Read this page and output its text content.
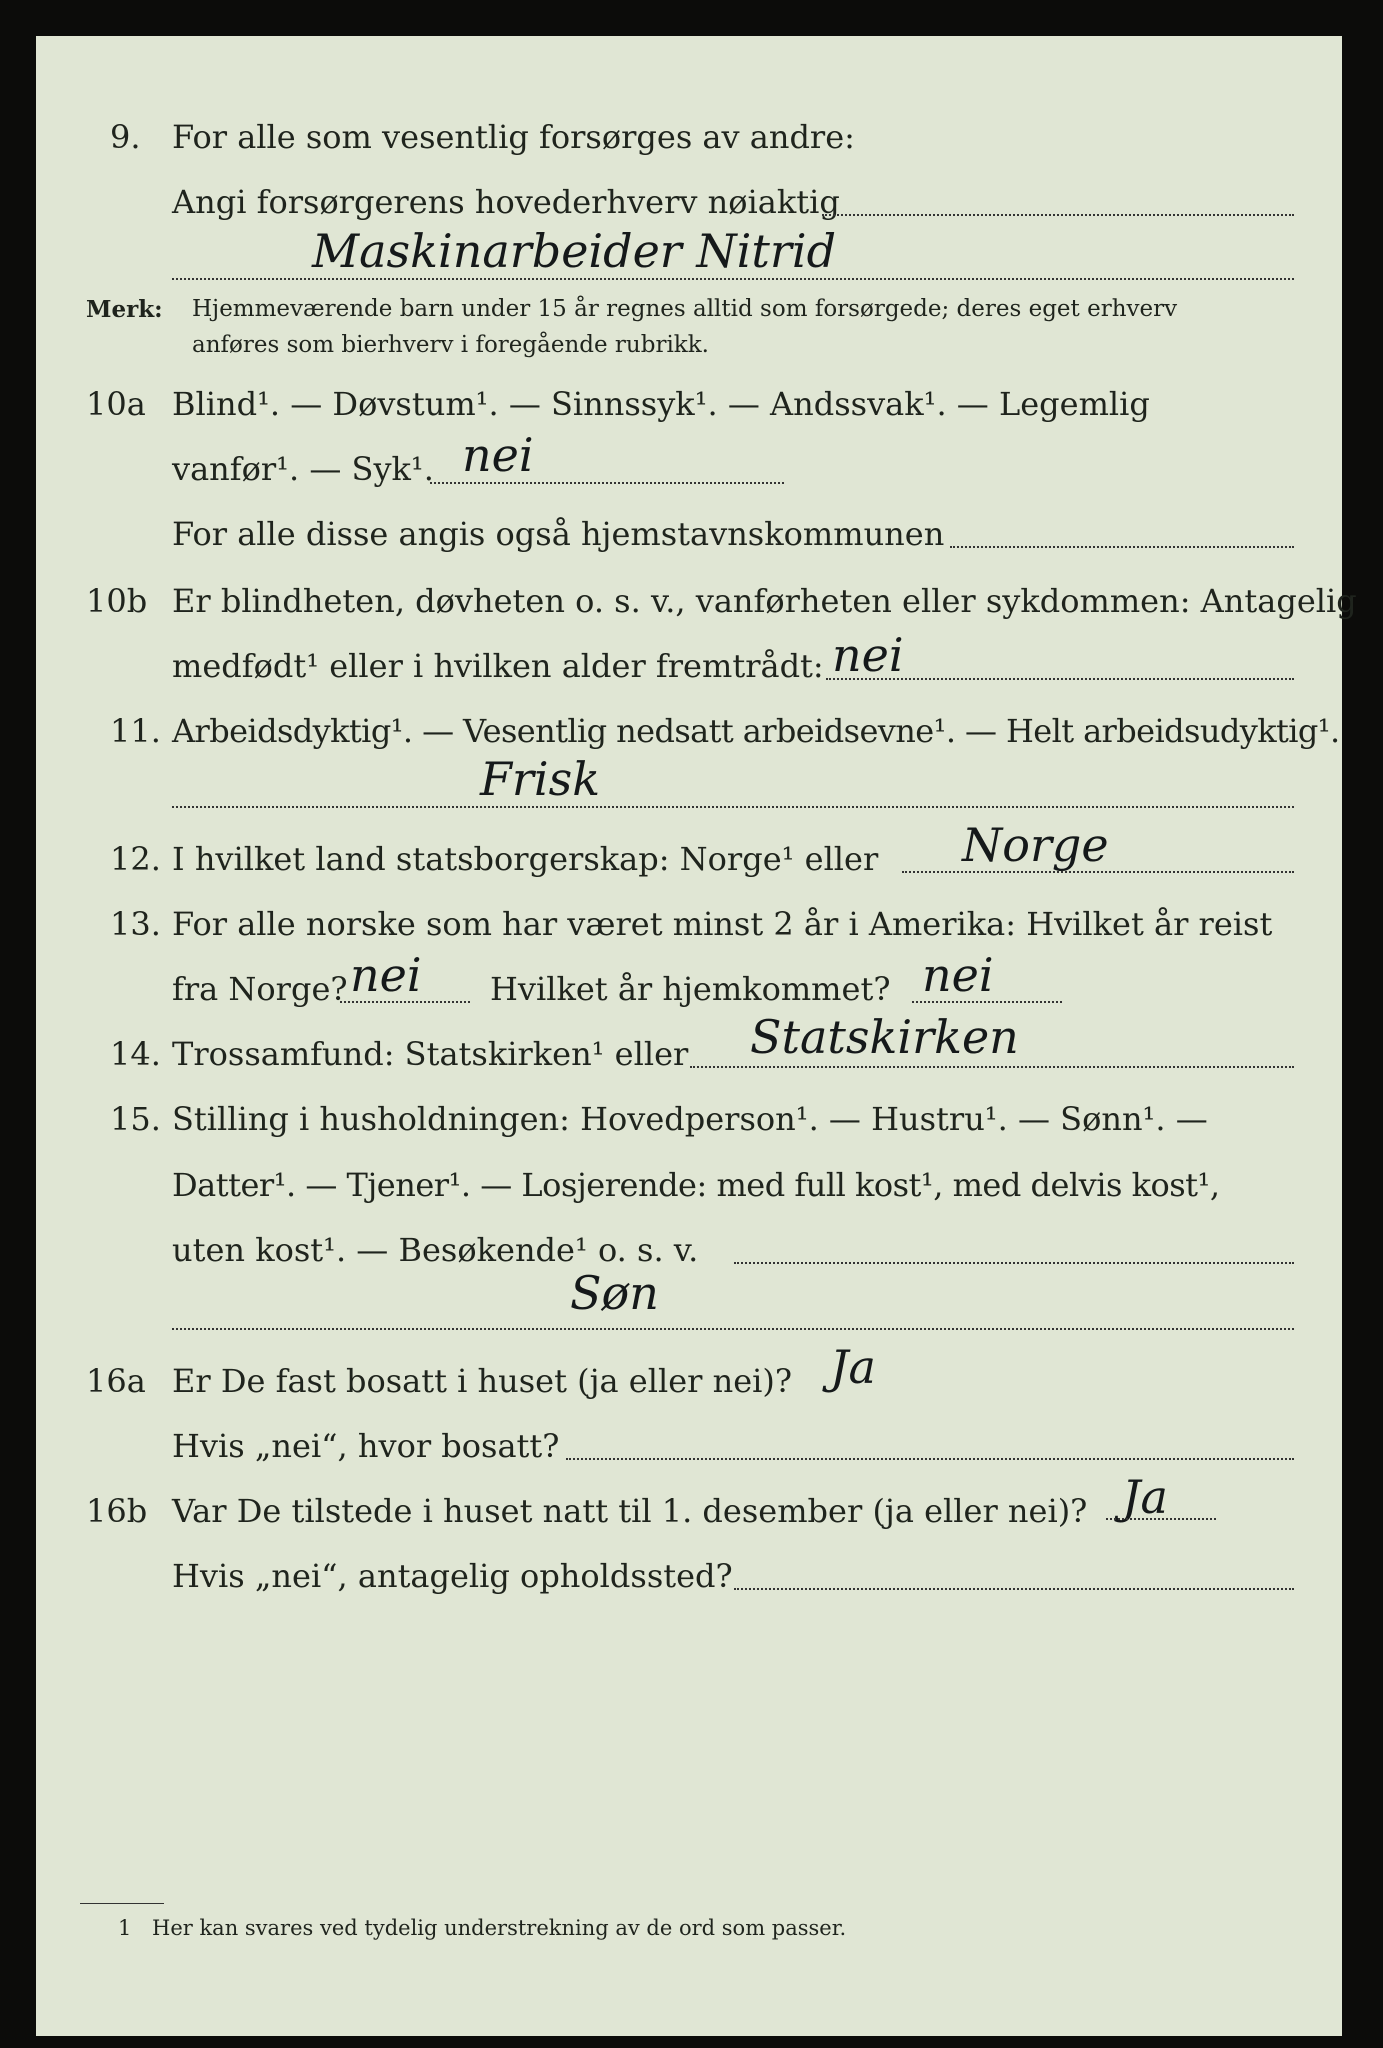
9. For alle som vesentlig forsørges av andre:
Angi forsørgerens hovederhverv nøiaktig
Maskinarbeider Nitrid
Merk: Hjemmeværende barn under 15 år regnes alltid som forsørgede; deres eget erhverv
anføres som bierhverv i foregående rubrikk.
10a Blind¹. — Døvstum¹. — Sinnssyk¹. — Andssvak¹. — Legemlig
vanfør¹. — Syk¹. nei
For alle disse angis også hjemstavnskommunen
10b Er blindheten, døvheten o. s. v., vanførheten eller sykdommen: Antagelig
medfødt¹ eller i hvilken alder fremtrådt: nei
11. Arbeidsdyktig¹. — Vesentlig nedsatt arbeidsevne¹. — Helt arbeidsudyktig¹.
Frisk
12. I hvilket land statsborgerskap: Norge¹ eller Norge
13. For alle norske som har været minst 2 år i Amerika: Hvilket år reist
fra Norge? nei Hvilket år hjemkommet? nei
14. Trossamfund: Statskirken¹ eller Statskirken
15. Stilling i husholdningen: Hovedperson¹. — Hustru¹. — Sønn¹. —
Datter¹. — Tjener¹. — Losjerende: med full kost¹, med delvis kost¹,
uten kost¹. — Besøkende¹ o. s. v.
Søn
16a Er De fast bosatt i huset (ja eller nei)? Ja
Hvis „nei“, hvor bosatt?
16b Var De tilstede i huset natt til 1. desember (ja eller nei)? Ja
Hvis „nei“, antagelig opholdssted?
1 Her kan svares ved tydelig understrekning av de ord som passer.
